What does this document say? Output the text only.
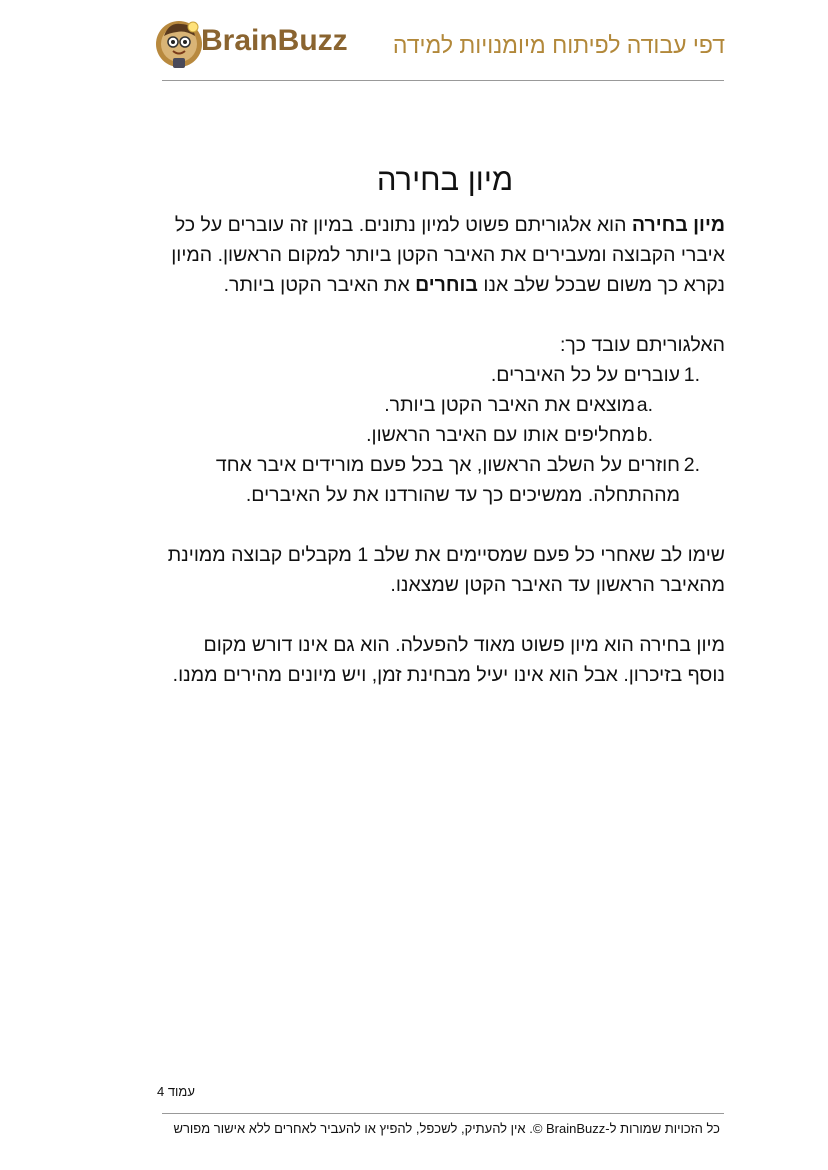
דפי עבודה לפיתוח מיומנויות למידה
BrainBuzz
מיון בחירה

מיון בחירה הוא אלגוריתם פשוט למיון נתונים. במיון זה עוברים על כל איברי הקבוצה ומעבירים את האיבר הקטן ביותר למקום הראשון. המיון נקרא כך משום שבכל שלב אנו בוחרים את האיבר הקטן ביותר.

האלגוריתם עובד כך:

1.
עוברים על כל האיברים.
a.
מוצאים את האיבר הקטן ביותר.
b.
מחליפים אותו עם האיבר הראשון.
2.
חוזרים על השלב הראשון, אך בכל פעם מורידים איבר אחד מההתחלה. ממשיכים כך עד שהורדנו את על האיברים.

שימו לב שאחרי כל פעם שמסיימים את שלב 1 מקבלים קבוצה ממוינת מהאיבר הראשון עד האיבר הקטן שמצאנו.

מיון בחירה הוא מיון פשוט מאוד להפעלה. הוא גם אינו דורש מקום נוסף בזיכרון. אבל הוא אינו יעיל מבחינת זמן, ויש מיונים מהירים ממנו.

עמוד 4
כל הזכויות שמורות ל-BrainBuzz ©. אין להעתיק, לשכפל, להפיץ או להעביר לאחרים ללא אישור מפורש
